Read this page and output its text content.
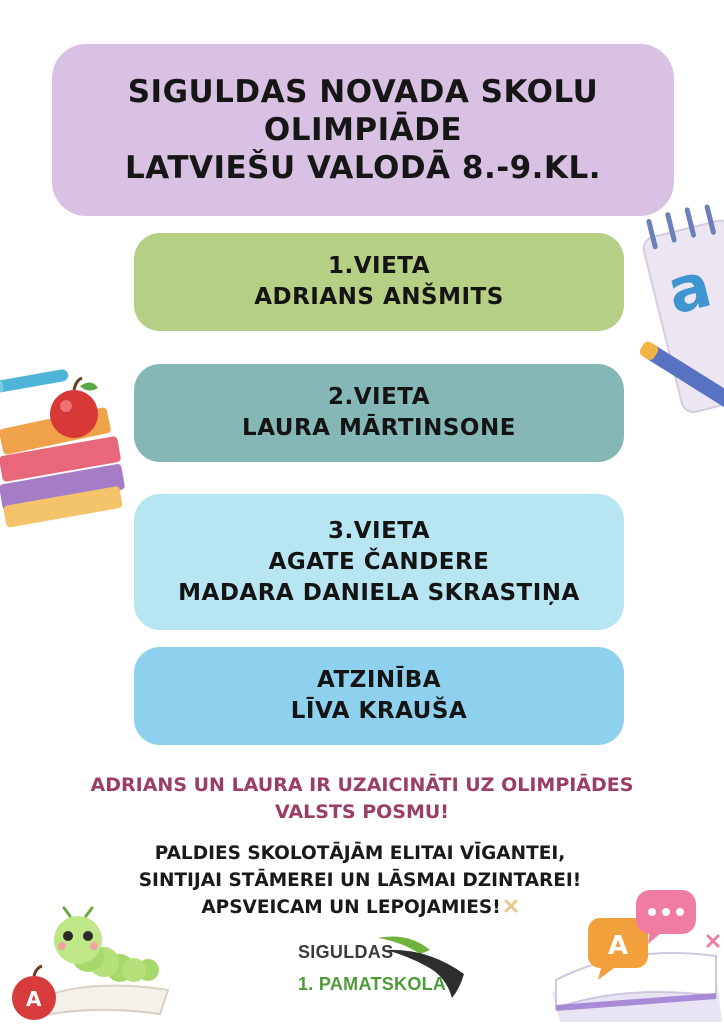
SIGULDAS NOVADA SKOLU
OLIMPIĀDE
LATVIEŠU VALODĀ 8.-9.KL.
1.VIETA
ADRIANS ANŠMITS
2.VIETA
LAURA MĀRTINSONE
3.VIETA
AGATE ČANDERE
MADARA DANIELA SKRASTIŅA
ATZINĪBA
LĪVA KRAUŠA
ADRIANS UN LAURA IR UZAICINĀTI UZ OLIMPIĀDES
VALSTS POSMU!
PALDIES SKOLOTĀJĀM ELITAI VĪGANTEI,
SINTIJAI STĀMEREI UN LĀSMAI DZINTAREI!
APSVEICAM UN LEPOJAMIES!
SIGULDAS
1. PAMATSKOLA
a
A
A
